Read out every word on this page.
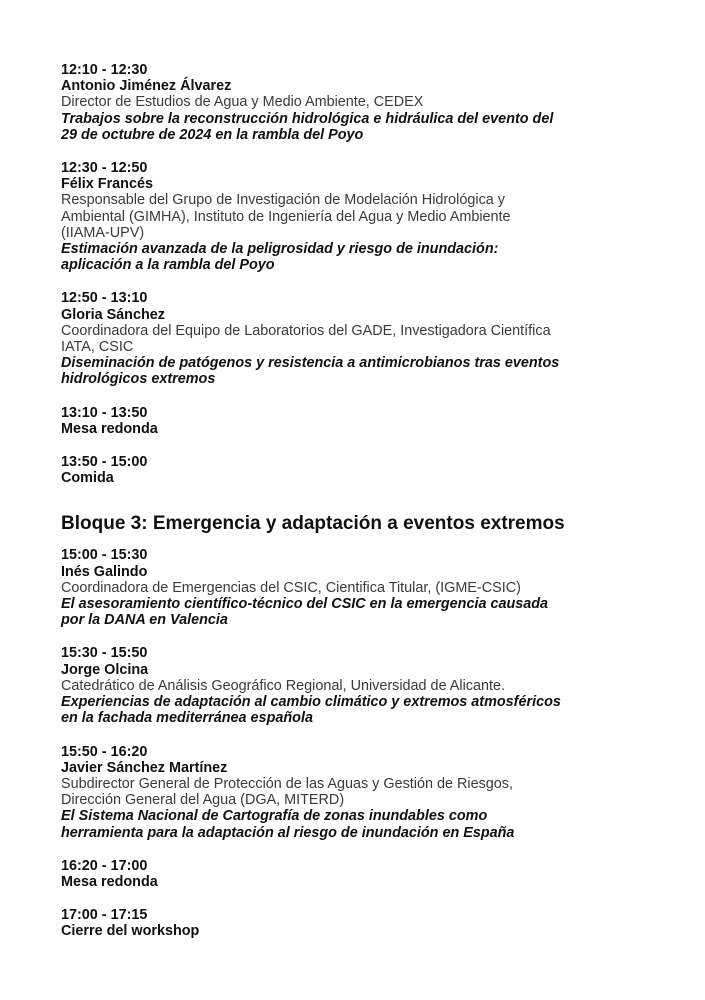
12:10 - 12:30
Antonio Jiménez Álvarez
Director de Estudios de Agua y Medio Ambiente, CEDEX
Trabajos sobre la reconstrucción hidrológica e hidráulica del evento del
29 de octubre de 2024 en la rambla del Poyo
12:30 - 12:50
Félix Francés
Responsable del Grupo de Investigación de Modelación Hidrológica y
Ambiental (GIMHA), Instituto de Ingeniería del Agua y Medio Ambiente
(IIAMA-UPV)
Estimación avanzada de la peligrosidad y riesgo de inundación:
aplicación a la rambla del Poyo
12:50 - 13:10
Gloria Sánchez
Coordinadora del Equipo de Laboratorios del GADE, Investigadora Científica
IATA, CSIC
Diseminación de patógenos y resistencia a antimicrobianos tras eventos
hidrológicos extremos
13:10 - 13:50
Mesa redonda
13:50 - 15:00
Comida
Bloque 3: Emergencia y adaptación a eventos extremos
15:00 - 15:30
Inés Galindo
Coordinadora de Emergencias del CSIC, Cientifica Titular, (IGME-CSIC)
El asesoramiento científico-técnico del CSIC en la emergencia causada
por la DANA en Valencia
15:30 - 15:50
Jorge Olcina
Catedrático de Análisis Geográfico Regional, Universidad de Alicante.
Experiencias de adaptación al cambio climático y extremos atmosféricos
en la fachada mediterránea española
15:50 - 16:20
Javier Sánchez Martínez
Subdirector General de Protección de las Aguas y Gestión de Riesgos,
Dirección General del Agua (DGA, MITERD)
El Sistema Nacional de Cartografía de zonas inundables como
herramienta para la adaptación al riesgo de inundación en España
16:20 - 17:00
Mesa redonda
17:00 - 17:15
Cierre del workshop
